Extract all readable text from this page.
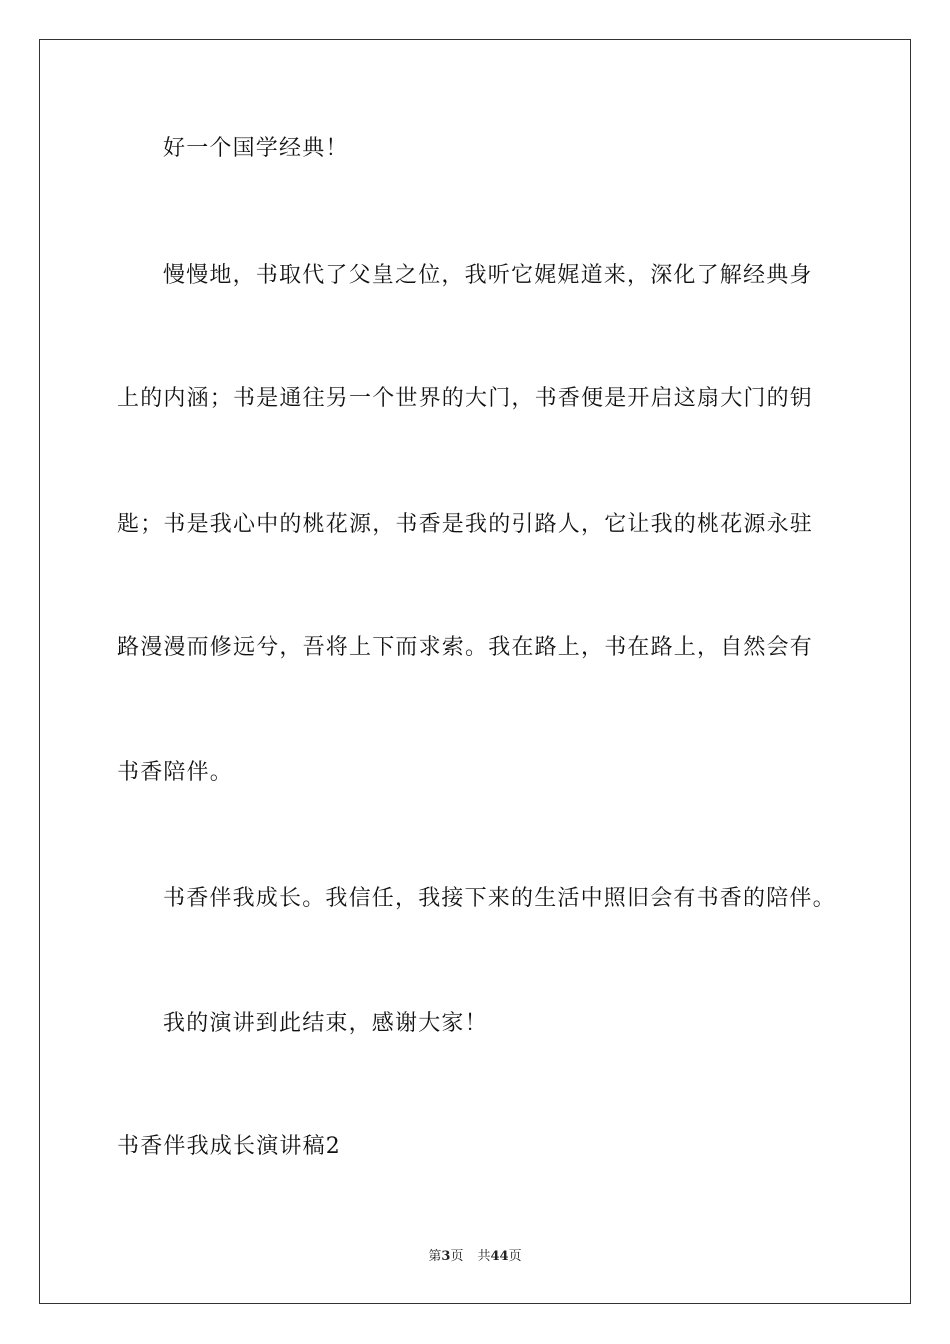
好一个国学经典！
慢慢地，书取代了父皇之位，我听它娓娓道来，深化了解经典身
上的内涵；书是通往另一个世界的大门，书香便是开启这扇大门的钥
匙；书是我心中的桃花源，书香是我的引路人，它让我的桃花源永驻
路漫漫而修远兮，吾将上下而求索。我在路上，书在路上，自然会有
书香陪伴。
书香伴我成长。我信任，我接下来的生活中照旧会有书香的陪伴。
我的演讲到此结束，感谢大家！
书香伴我成长演讲稿2
第3页 共44页
